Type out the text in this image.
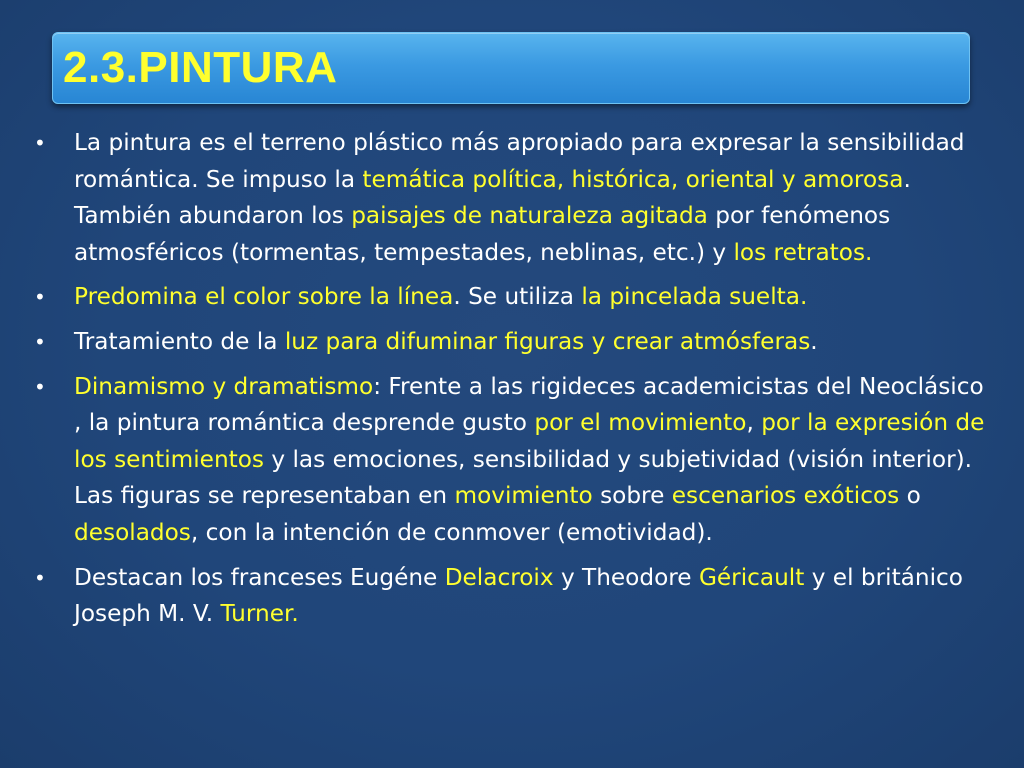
2.3.PINTURA
• La pintura es el terreno plástico más apropiado para expresar la sensibilidad romántica. Se impuso la temática política, histórica, oriental y amorosa. También abundaron los paisajes de naturaleza agitada por fenómenos atmosféricos (tormentas, tempestades, neblinas, etc.) y los retratos.
• Predomina el color sobre la línea. Se utiliza la pincelada suelta.
• Tratamiento de la luz para difuminar figuras y crear atmósferas.
• Dinamismo y dramatismo: Frente a las rigideces academicistas del Neoclásico , la pintura romántica desprende gusto por el movimiento, por la expresión de los sentimientos y las emociones, sensibilidad y subjetividad (visión interior). Las figuras se representaban en movimiento sobre escenarios exóticos o desolados, con la intención de conmover (emotividad).
• Destacan los franceses Eugéne Delacroix y Theodore Géricault y el británico Joseph M. V. Turner.
